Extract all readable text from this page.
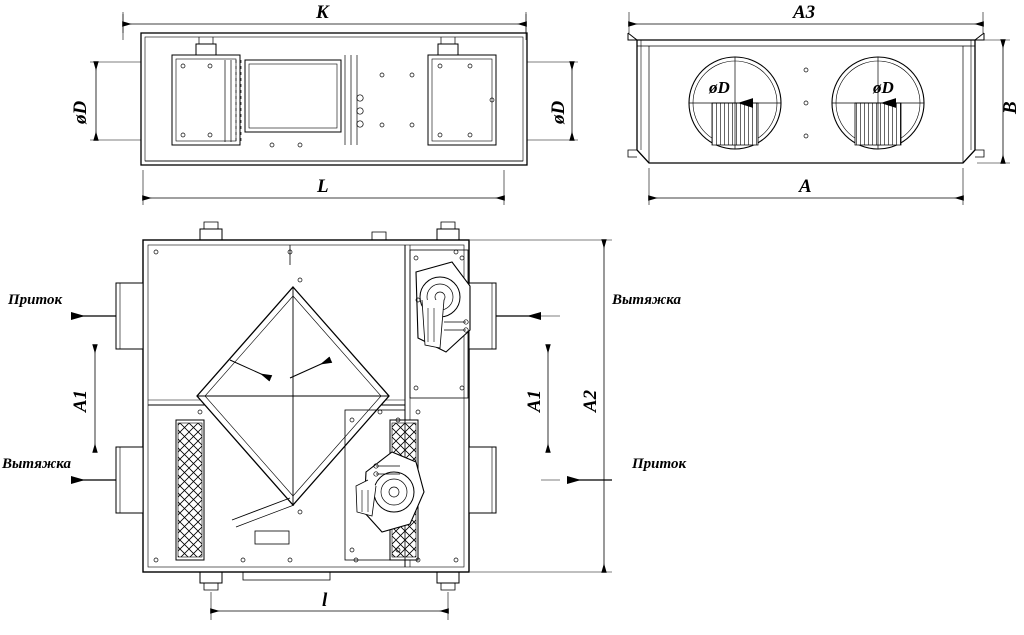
K
L
øD	øD
A3
A
B
øD	øD
A1	A1 A2
l
Приток
Вытяжка
Вытяжка
Приток
